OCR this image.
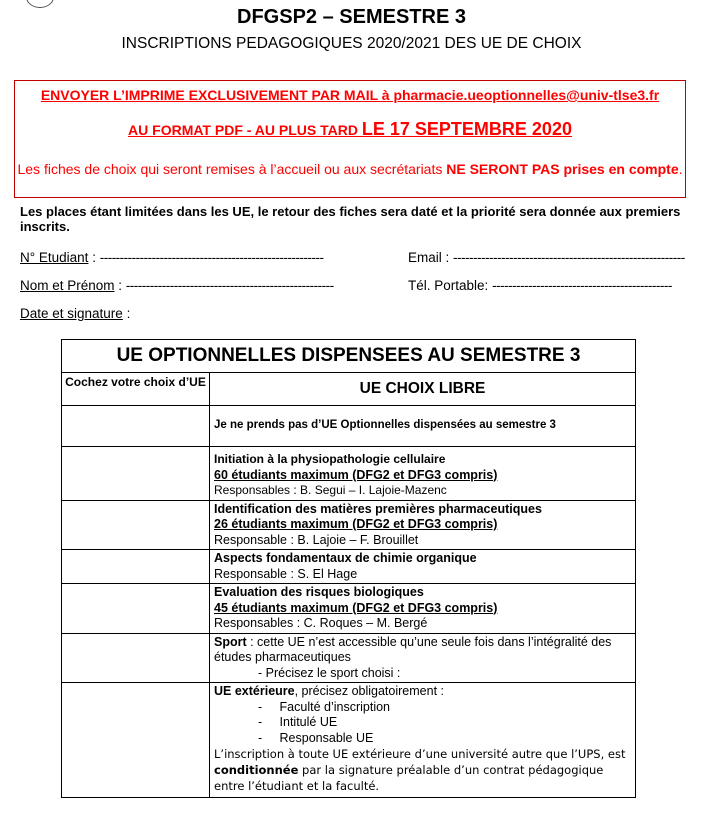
DFGSP2 – SEMESTRE 3
INSCRIPTIONS PEDAGOGIQUES 2020/2021 DES UE DE CHOIX
ENVOYER L’IMPRIME EXCLUSIVEMENT PAR MAIL à pharmacie.ueoptionnelles@univ-tlse3.fr
AU FORMAT PDF - AU PLUS TARD LE 17 SEPTEMBRE 2020
Les fiches de choix qui seront remises à l’accueil ou aux secrétariats NE SERONT PAS prises en compte.
Les places étant limitées dans les UE, le retour des fiches sera daté et la priorité sera donnée aux premiers inscrits.
N° Etudiant : --------------------------------------------------------	Email : ----------------------------------------------------------
Nom et Prénom : ----------------------------------------------------	Tél. Portable: ---------------------------------------------
Date et signature :
UE OPTIONNELLES DISPENSEES AU SEMESTRE 3	
Cochez votre choix d’UE	UE CHOIX LIBRE
	Je ne prends pas d’UE Optionnelles dispensées au semestre 3

	Initiation à la physiopathologie cellulaire
60 étudiants maximum (DFG2 et DFG3 compris)
Responsables : B. Segui – I. Lajoie-Mazenc

	Identification des matières premières pharmaceutiques
26 étudiants maximum (DFG2 et DFG3 compris)
Responsable : B. Lajoie – F. Brouillet

	Aspects fondamentaux de chimie organique
Responsable : S. El Hage

	Evaluation des risques biologiques
45 étudiants maximum (DFG2 et DFG3 compris)
Responsables : C. Roques – M. Bergé

	Sport : cette UE n’est accessible qu’une seule fois dans l’intégralité des études pharmaceutiques
- Précisez le sport choisi :

	UE extérieure, précisez obligatoirement :
-     Faculté d’inscription
-     Intitulé UE
-     Responsable UE
L’inscription à toute UE extérieure d’une université autre que l’UPS, est conditionnée par la signature préalable d’un contrat pédagogique entre l’étudiant et la faculté.
